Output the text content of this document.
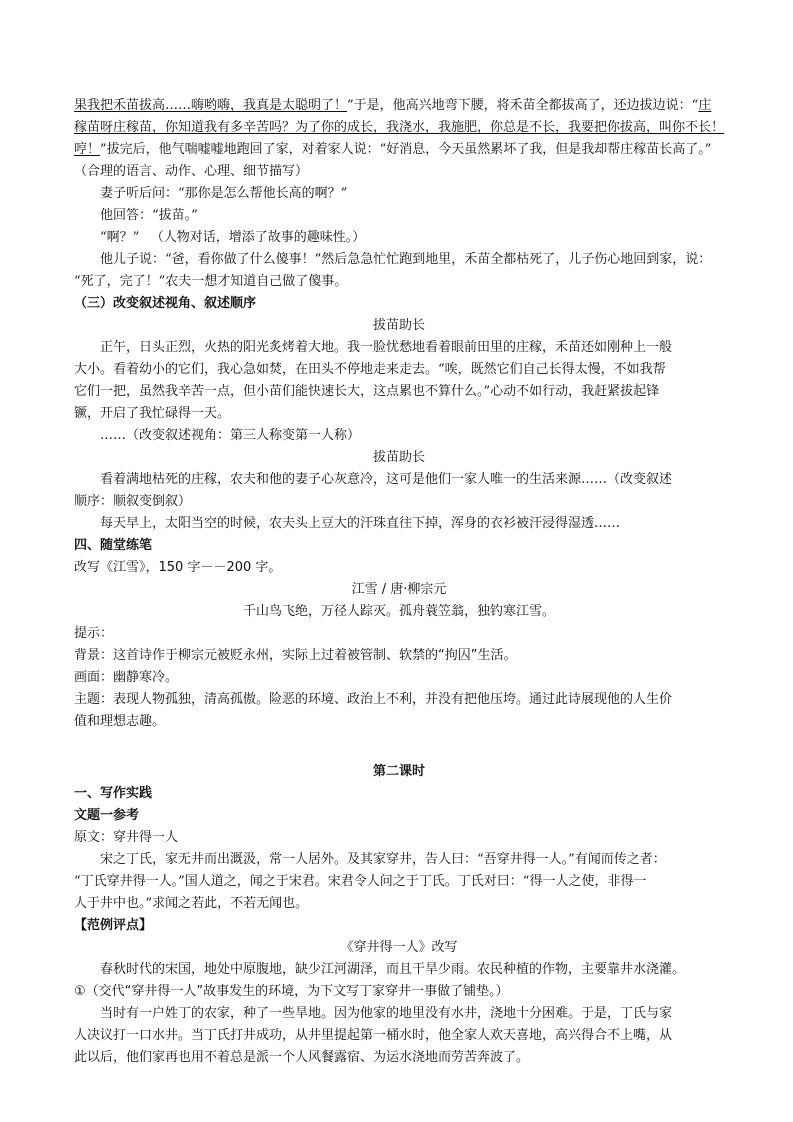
果我把禾苗拔高……嗨哟嗨，我真是太聪明了！”于是，他高兴地弯下腰，将禾苗全都拔高了，还边拔边说：“庄
稼苗呀庄稼苗，你知道我有多辛苦吗？为了你的成长，我浇水，我施肥，你总是不长，我要把你拔高，叫你不长！
哼！”拔完后，他气喘嘘嘘地跑回了家，对着家人说：“好消息，今天虽然累坏了我，但是我却帮庄稼苗长高了。”
（合理的语言、动作、心理、细节描写）
妻子听后问：“那你是怎么帮他长高的啊？”
他回答：“拔苗。”
“啊？” （人物对话，增添了故事的趣味性。）
他儿子说：“爸，看你做了什么傻事！”然后急急忙忙跑到地里，禾苗全都枯死了，儿子伤心地回到家，说：
“死了，完了！”农夫一想才知道自己做了傻事。
（三）改变叙述视角、叙述顺序
拔苗助长
正午，日头正烈，火热的阳光炙烤着大地。我一脸忧愁地看着眼前田里的庄稼，禾苗还如刚种上一般
大小。看着幼小的它们，我心急如焚，在田头不停地走来走去。“唉，既然它们自己长得太慢，不如我帮
它们一把，虽然我辛苦一点，但小苗们能快速长大，这点累也不算什么。”心动不如行动，我赶紧拔起锋
镢，开启了我忙碌得一天。
……（改变叙述视角：第三人称变第一人称）
拔苗助长
看着满地枯死的庄稼，农夫和他的妻子心灰意冷，这可是他们一家人唯一的生活来源……（改变叙述
顺序：顺叙变倒叙）
每天早上，太阳当空的时候，农夫头上豆大的汗珠直往下掉，浑身的衣衫被汗浸得湿透……
四、随堂练笔
改写《江雪》，150 字－－200 字。
江雪 / 唐·柳宗元
千山鸟飞绝，万径人踪灭。孤舟蓑笠翁，独钓寒江雪。
提示：
背景：这首诗作于柳宗元被贬永州，实际上过着被管制、软禁的“拘囚”生活。
画面：幽静寒冷。
主题：表现人物孤独，清高孤傲。险恶的环境、政治上不利，并没有把他压垮。通过此诗展现他的人生价
值和理想志趣。
第二课时
一、写作实践
文题一参考
原文：穿井得一人
宋之丁氏，家无井而出溉汲，常一人居外。及其家穿井，告人曰：“吾穿井得一人。”有闻而传之者：
“丁氏穿井得一人。”国人道之，闻之于宋君。宋君令人问之于丁氏。丁氏对曰：“得一人之使，非得一
人于井中也。”求闻之若此，不若无闻也。
【范例评点】
《穿井得一人》改写
春秋时代的宋国，地处中原腹地，缺少江河湖泽，而且干旱少雨。农民种植的作物，主要靠井水浇灌。
①（交代“穿井得一人”故事发生的环境，为下文写丁家穿井一事做了铺垫。）
当时有一户姓丁的农家，种了一些旱地。因为他家的地里没有水井，浇地十分困难。于是，丁氏与家
人决议打一口水井。当丁氏打井成功，从井里提起第一桶水时，他全家人欢天喜地，高兴得合不上嘴，从
此以后，他们家再也用不着总是派一个人风餐露宿、为运水浇地而劳苦奔波了。
